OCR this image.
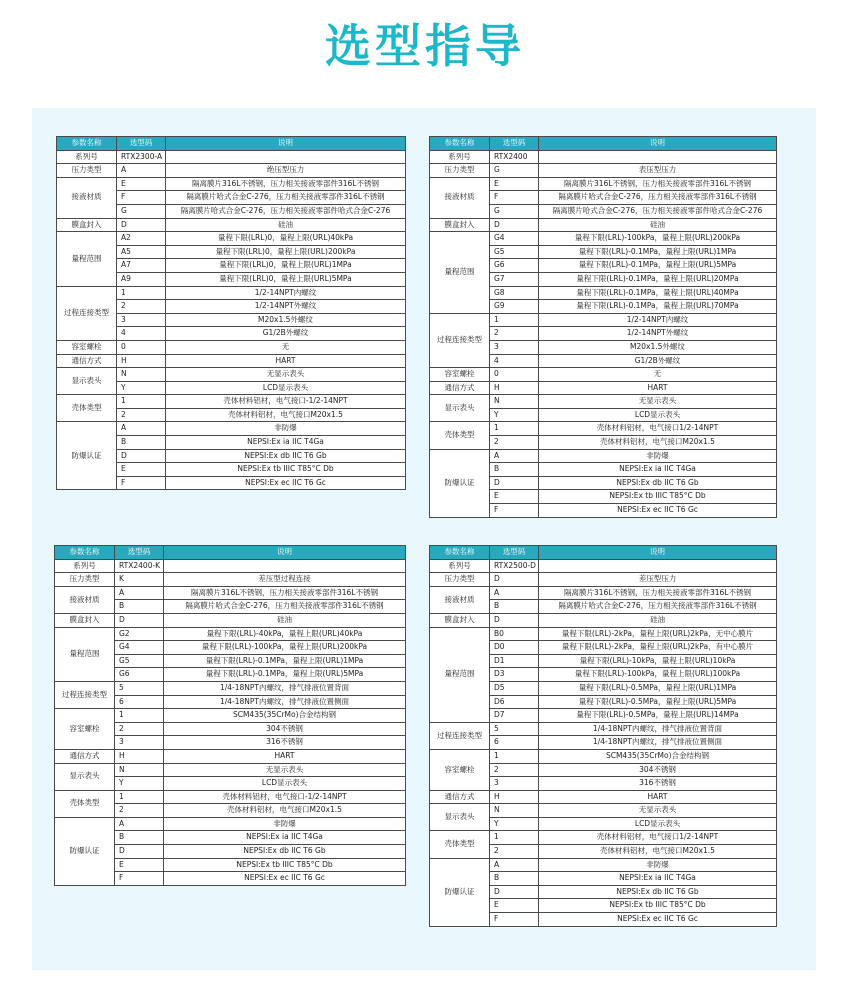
选型指导
参数名称	选型码	说明
系列号	RTX2300-A	
压力类型	A	绝压型压力
接液材质	E	隔离膜片316L不锈钢，压力相关接液零部件316L不锈钢
	F	隔离膜片哈式合金C-276，压力相关接液零部件316L不锈钢
	G	隔离膜片哈式合金C-276，压力相关接液零部件哈式合金C-276
膜盒封入	D	硅油
量程范围	A2	量程下限(LRL)0，量程上限(URL)40kPa
	A5	量程下限(LRL)0，量程上限(URL)200kPa
	A7	量程下限(LRL)0，量程上限(URL)1MPa
	A9	量程下限(LRL)0，量程上限(URL)5MPa
过程连接类型	1	1/2-14NPT内螺纹
	2	1/2-14NPT外螺纹
	3	M20x1.5外螺纹
	4	G1/2B外螺纹
容室螺栓	0	无
通信方式	H	HART
显示表头	N	无显示表头
	Y	LCD显示表头
壳体类型	1	壳体材料铝材，电气接口-1/2-14NPT
	2	壳体材料铝材，电气接口M20x1.5
防爆认证	A	非防爆
	B	NEPSI:Ex ia IIC T4Ga
	D	NEPSI:Ex db IIC T6 Gb
	E	NEPSI:Ex tb IIIC T85°C Db
	F	NEPSI:Ex ec IIC T6 Gc
参数名称	选型码	说明
系列号	RTX2400	
压力类型	G	表压型压力
接液材质	E	隔离膜片316L不锈钢，压力相关接液零部件316L不锈钢
	F	隔离膜片哈式合金C-276，压力相关接液零部件316L不锈钢
	G	隔离膜片哈式合金C-276，压力相关接液零部件哈式合金C-276
膜盒封入	D	硅油
量程范围	G4	量程下限(LRL)-100kPa，量程上限(URL)200kPa
	G5	量程下限(LRL)-0.1MPa，量程上限(URL)1MPa
	G6	量程下限(LRL)-0.1MPa，量程上限(URL)5MPa
	G7	量程下限(LRL)-0.1MPa，量程上限(URL)20MPa
	G8	量程下限(LRL)-0.1MPa，量程上限(URL)40MPa
	G9	量程下限(LRL)-0.1MPa，量程上限(URL)70MPa
过程连接类型	1	1/2-14NPT内螺纹
	2	1/2-14NPT外螺纹
	3	M20x1.5外螺纹
	4	G1/2B外螺纹
容室螺栓	0	无
通信方式	H	HART
显示表头	N	无显示表头
	Y	LCD显示表头
壳体类型	1	壳体材料铝材，电气接口1/2-14NPT
	2	壳体材料铝材，电气接口M20x1.5
防爆认证	A	非防爆
	B	NEPSI:Ex ia IIC T4Ga
	D	NEPSI:Ex db IIC T6 Gb
	E	NEPSI:Ex tb IIIC T85°C Db
	F	NEPSI:Ex ec IIC T6 Gc
参数名称	选型码	说明
系列号	RTX2400-K	
压力类型	K	差压型过程连接
接液材质	A	隔离膜片316L不锈钢，压力相关接液零部件316L不锈钢
	B	隔离膜片哈式合金C-276，压力相关接液零部件316L不锈钢
膜盒封入	D	硅油
量程范围	G2	量程下限(LRL)-40kPa，量程上限(URL)40kPa
	G4	量程下限(LRL)-100kPa，量程上限(URL)200kPa
	G5	量程下限(LRL)-0.1MPa，量程上限(URL)1MPa
	G6	量程下限(LRL)-0.1MPa，量程上限(URL)5MPa
过程连接类型	5	1/4-18NPT内螺纹，排气排液位置背面
	6	1/4-18NPT内螺纹，排气排液位置侧面
容室螺栓	1	SCM435(35CrMo)合金结构钢
	2	304不锈钢
	3	316不锈钢
通信方式	H	HART
显示表头	N	无显示表头
	Y	LCD显示表头
壳体类型	1	壳体材料铝材，电气接口-1/2-14NPT
	2	壳体材料铝材，电气接口M20x1.5
防爆认证	A	非防爆
	B	NEPSI:Ex ia IIC T4Ga
	D	NEPSI:Ex db IIC T6 Gb
	E	NEPSI:Ex tb IIIC T85°C Db
	F	NEPSI:Ex ec IIC T6 Gc
参数名称	选型码	说明
系列号	RTX2500-D	
压力类型	D	差压型压力
接液材质	A	隔离膜片316L不锈钢，压力相关接液零部件316L不锈钢
	B	隔离膜片哈式合金C-276，压力相关接液零部件316L不锈钢
膜盒封入	D	硅油
量程范围	B0	量程下限(LRL)-2kPa，量程上限(URL)2kPa，无中心膜片
	D0	量程下限(LRL)-2kPa，量程上限(URL)2kPa，有中心膜片
	D1	量程下限(LRL)-10kPa，量程上限(URL)10kPa
	D3	量程下限(LRL)-100kPa，量程上限(URL)100kPa
	D5	量程下限(LRL)-0.5MPa，量程上限(URL)1MPa
	D6	量程下限(LRL)-0.5MPa，量程上限(URL)5MPa
	D7	量程下限(LRL)-0.5MPa，量程上限(URL)14MPa
过程连接类型	5	1/4-18NPT内螺纹，排气排液位置背面
	6	1/4-18NPT内螺纹，排气排液位置侧面
容室螺栓	1	SCM435(35CrMo)合金结构钢
	2	304不锈钢
	3	316不锈钢
通信方式	H	HART
显示表头	N	无显示表头
	Y	LCD显示表头
壳体类型	1	壳体材料铝材，电气接口1/2-14NPT
	2	壳体材料铝材，电气接口M20x1.5
防爆认证	A	非防爆
	B	NEPSI:Ex ia IIC T4Ga
	D	NEPSI:Ex db IIC T6 Gb
	E	NEPSI:Ex tb IIIC T85°C Db
	F	NEPSI:Ex ec IIC T6 Gc
